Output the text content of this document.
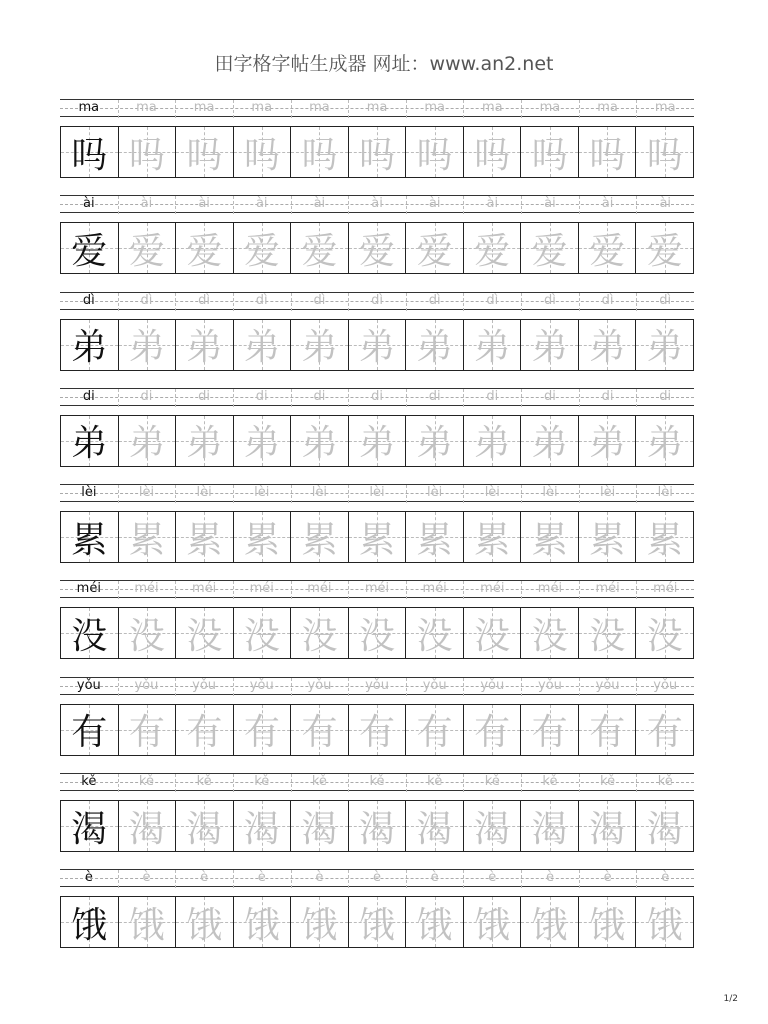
田字格字帖生成器 网址：www.an2.net
ma	ma	ma	ma	ma	ma	ma	ma	ma	ma	ma
吗 吗 吗 吗 吗 吗 吗 吗 吗 吗 吗
ài	ài	ài	ài	ài	ài	ài	ài	ài	ài	ài
爱 爱 爱 爱 爱 爱 爱 爱 爱 爱 爱
dì	dì	dì	dì	dì	dì	dì	dì	dì	dì	dì
弟 弟 弟 弟 弟 弟 弟 弟 弟 弟 弟
di	di	di	di	di	di	di	di	di	di	di
弟 弟 弟 弟 弟 弟 弟 弟 弟 弟 弟
lèi	lèi	lèi	lèi	lèi	lèi	lèi	lèi	lèi	lèi	lèi
累 累 累 累 累 累 累 累 累 累 累
méi	méi	méi	méi	méi	méi	méi	méi	méi	méi	méi
没 没 没 没 没 没 没 没 没 没 没
yǒu	yǒu	yǒu	yǒu	yǒu	yǒu	yǒu	yǒu	yǒu	yǒu	yǒu
有 有 有 有 有 有 有 有 有 有 有
kě	kě	kě	kě	kě	kě	kě	kě	kě	kě	kě
渴 渴 渴 渴 渴 渴 渴 渴 渴 渴 渴
è	è	è	è	è	è	è	è	è	è	è
饿 饿 饿 饿 饿 饿 饿 饿 饿 饿 饿
1/2
